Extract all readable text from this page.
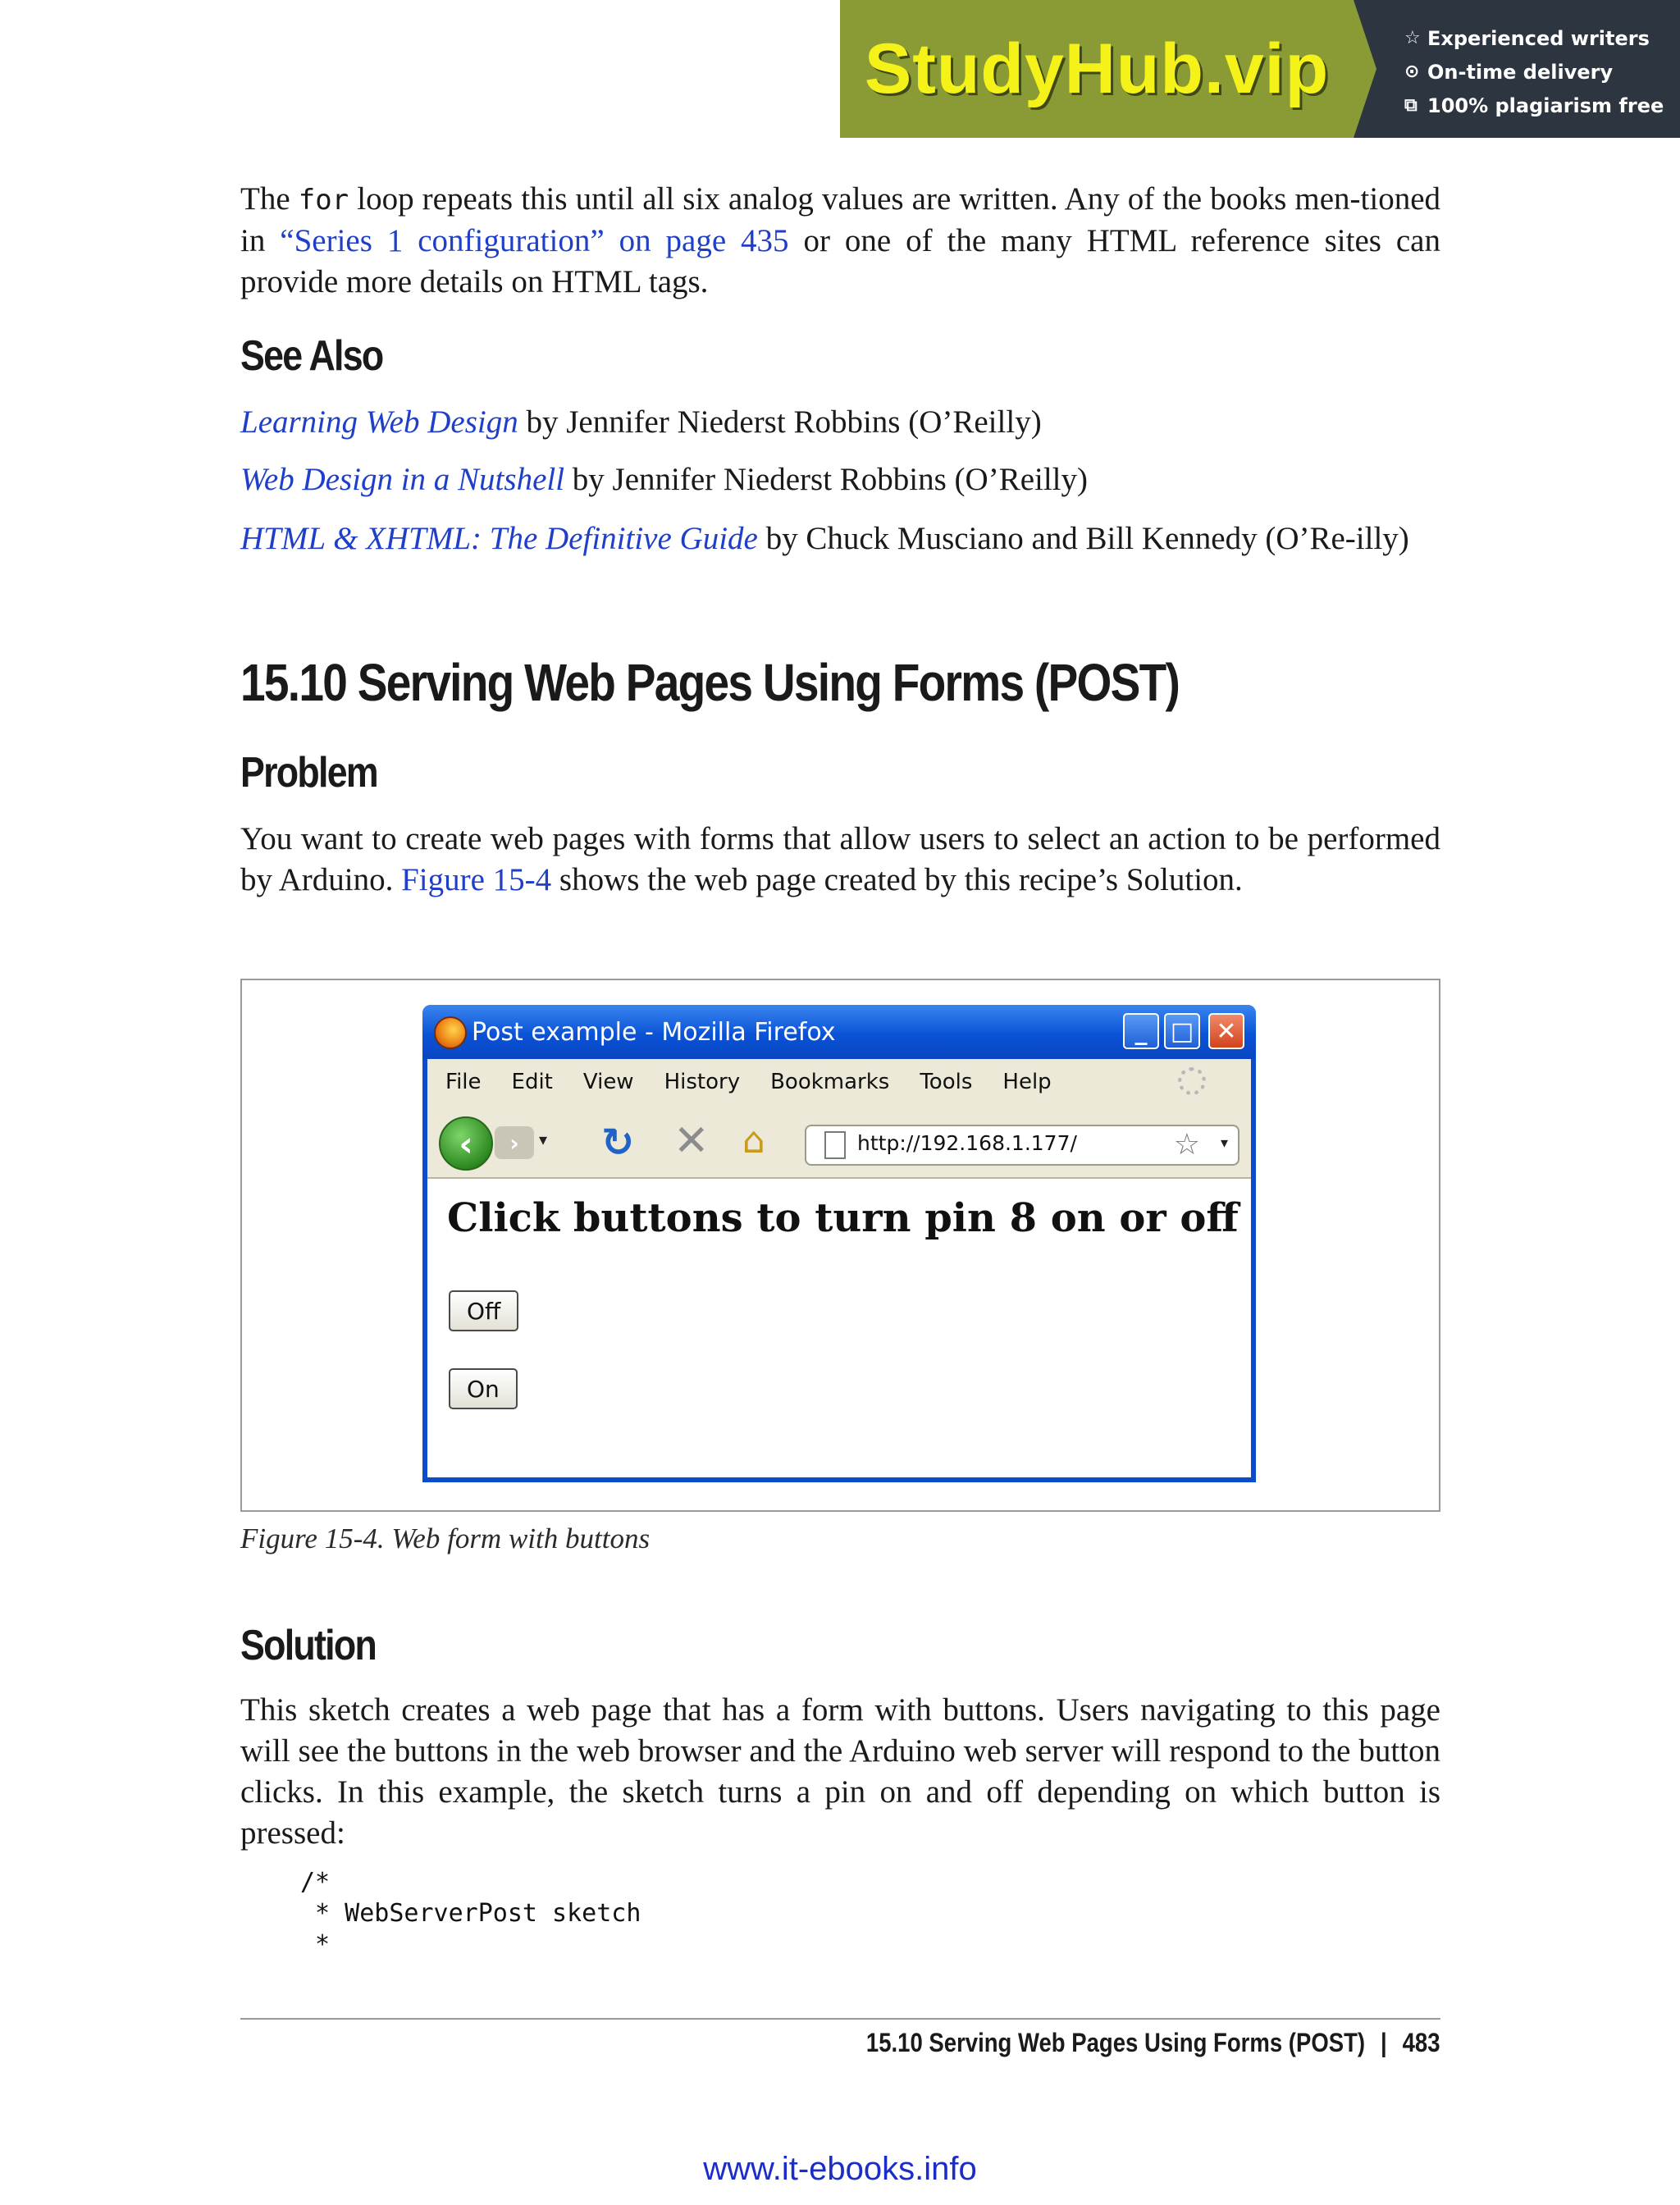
StudyHub.vip	☆ Experienced writers
⊙ On-time delivery
⧉ 100% plagiarism free

The for loop repeats this until all six analog values are written. Any of the books men-tioned in “Series 1 configuration” on page 435 or one of the many HTML reference sites can provide more details on HTML tags.

See Also

Learning Web Design by Jennifer Niederst Robbins (O’Reilly)

Web Design in a Nutshell by Jennifer Niederst Robbins (O’Reilly)

HTML & XHTML: The Definitive Guide by Chuck Musciano and Bill Kennedy (O’Re-illy)

15.10 Serving Web Pages Using Forms (POST)
Problem

You want to create web pages with forms that allow users to select an action to be performed by Arduino. Figure 15-4 shows the web page created by this recipe’s Solution.

Post example - Mozilla Firefox	_ □ ✕
File Edit View History Bookmarks Tools Help
‹	›	▾ ↻ ✕ ⌂	http://192.168.1.177/	☆ ▾
Click buttons to turn pin 8 on or off
Off
On

Figure 15-4. Web form with buttons

Solution

This sketch creates a web page that has a form with buttons. Users navigating to this page will see the buttons in the web browser and the Arduino web server will respond to the button clicks. In this example, the sketch turns a pin on and off depending on which button is pressed:

/*
* WebServerPost sketch
*
15.10 Serving Web Pages Using Forms (POST) | 483
www.it-ebooks.info
